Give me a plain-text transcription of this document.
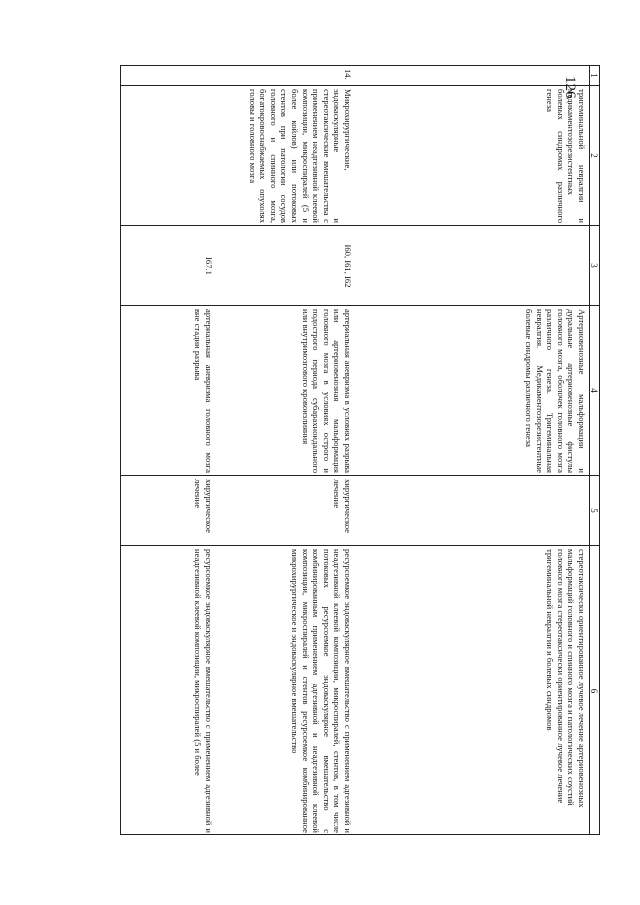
126
1
14.
2
тригеминальной невралгии и медикаментозорезистентных болевых синдромах различного генеза
Микрохирургические, эндоваскулярные и стереотаксические вмешательства с применением неадгезивной клеевой композиции, микроспиралей (5 и более койлов) или потоковых стентов при патологии сосудов головного и спинного мозга, богатокровоснабжаемых опухолях головы и головного мозга
3
I60, I61, I62
I67.1
4
Артериовенозные мальформации и дуральные артериовенозные фистулы головного мозга, оболочек головного мозга различного генеза. Тригеминальная невралгия. Медикаментозорезистентные болевые синдромы различного генеза
артериальная аневризма в условиях разрыва или артериовенозная мальформация головного мозга в условиях острого и подострого периода субарахноидального или внутримозгового кровоизлияния
артериальная аневризма головного мозга вне стадии разрыва
5
хирургическое лечение
хирургическое лечение
6
стереотаксически ориентированное лучевое лечение артериовенозных мальформаций головного и спинного мозга и патологических соустий головного мозга стереотаксически ориентированное лучевое лечение тригеминальной невралгии и болевых синдромов
ресурсоемкое эндоваскулярное вмешательство с применением адгезивной и неадгезивной клеевой композиции, микроспиралей, стентов, в том числе потоковых ресурсоемкое эндоваскулярное вмешательство с комбинированным применением адгезивной и неадгезивной клеевой композиции, микроспиралей и стентов ресурсоемкое комбинированное микрохирургическое и эндоваскулярное вмешательство
ресурсоемкое эндоваскулярное вмешательство с применением адгезивной и неадгезивной клеевой композиции, микроспиралей (5 и более
